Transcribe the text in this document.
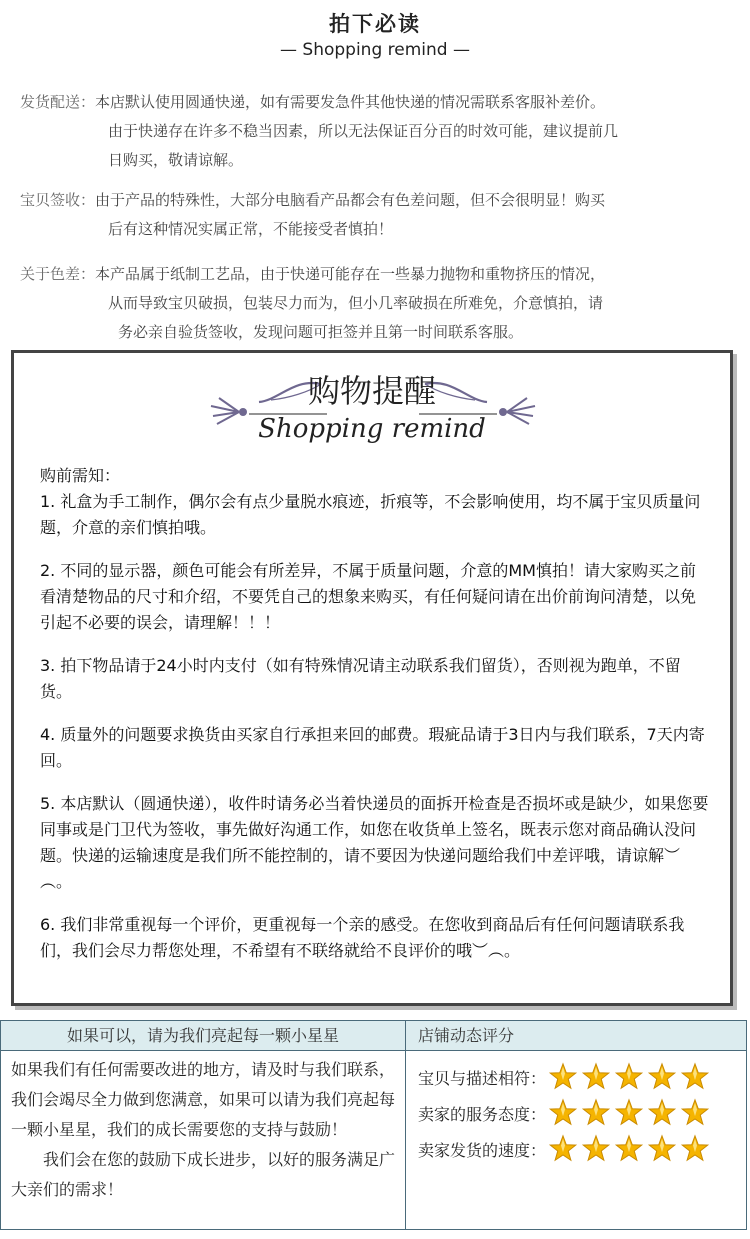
拍下必读
— Shopping remind —
发货配送： 本店默认使用圆通快递，如有需要发急件其他快递的情况需联系客服补差价。
由于快递存在许多不稳当因素，所以无法保证百分百的时效可能，建议提前几
日购买，敬请谅解。
宝贝签收： 由于产品的特殊性，大部分电脑看产品都会有色差问题，但不会很明显！购买
后有这种情况实属正常，不能接受者慎拍！
关于色差： 本产品属于纸制工艺品，由于快递可能存在一些暴力抛物和重物挤压的情况，
从而导致宝贝破损，包装尽力而为，但小几率破损在所难免，介意慎拍，请
务必亲自验货签收，发现问题可拒签并且第一时间联系客服。
购物提醒
Shopping remind

购前需知：

1. 礼盒为手工制作，偶尔会有点少量脱水痕迹，折痕等，不会影响使用，均不属于宝贝质量问题，介意的亲们慎拍哦。

2. 不同的显示器，颜色可能会有所差异，不属于质量问题，介意的MM慎拍！请大家购买之前看清楚物品的尺寸和介绍，不要凭自己的想象来购买，有任何疑问请在出价前询问清楚，以免引起不必要的误会，请理解！！！

3. 拍下物品请于24小时内支付（如有特殊情况请主动联系我们留货），否则视为跑单，不留货。

4. 质量外的问题要求换货由买家自行承担来回的邮费。瑕疵品请于3日内与我们联系，7天内寄回。

5. 本店默认（圆通快递），收件时请务必当着快递员的面拆开检查是否损坏或是缺少，如果您要同事或是门卫代为签收，事先做好沟通工作，如您在收货单上签名，既表示您对商品确认没问题。快递的运输速度是我们所不能控制的，请不要因为快递问题给我们中差评哦，请谅解︶︵。

6. 我们非常重视每一个评价，更重视每一个亲的感受。在您收到商品后有任何问题请联系我们，我们会尽力帮您处理，不希望有不联络就给不良评价的哦︶︵。

如果可以，请为我们亮起每一颗小星星

如果我们有任何需要改进的地方，请及时与我们联系，我们会竭尽全力做到您满意，如果可以请为我们亮起每一颗小星星，我们的成长需要您的支持与鼓励！

我们会在您的鼓励下成长进步，以好的服务满足广大亲们的需求！

店铺动态评分
宝贝与描述相符：
卖家的服务态度：
卖家发货的速度：
